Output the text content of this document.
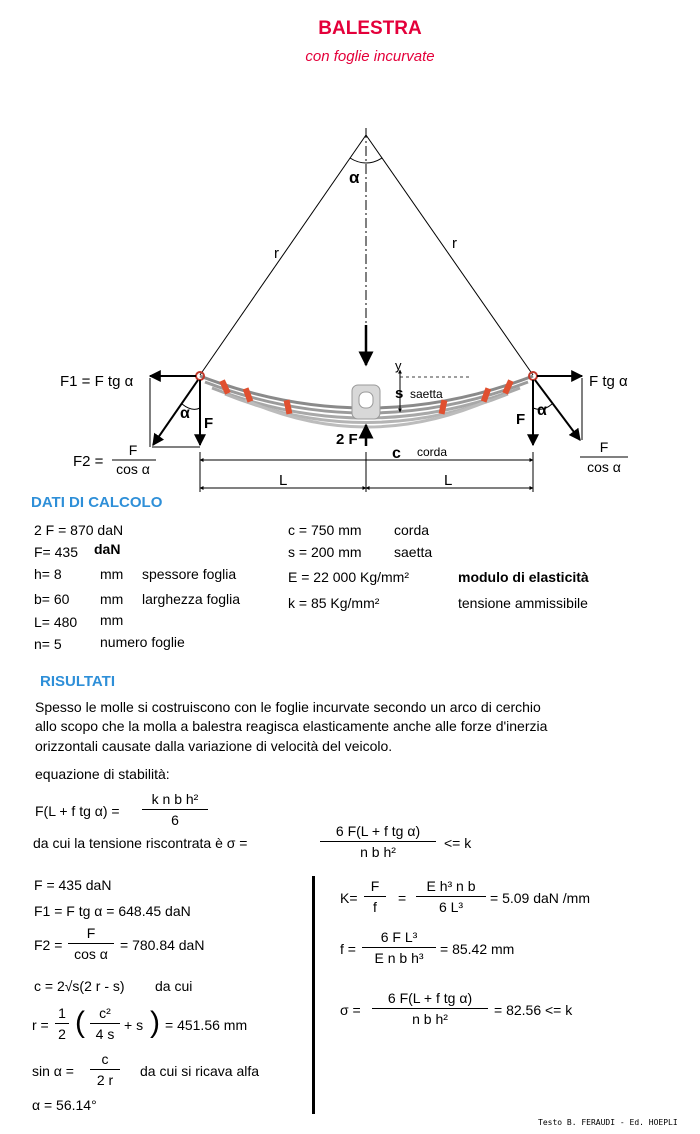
BALESTRA
con foglie incurvate
α
r
r
F1 = F tg α	F tg α
α	α
F	F
F2 =
F
cos α
F
cos α
2 F
y
s saetta
c corda
L	L
DATI DI CALCOLO
2 F = 870 daN
F= 435 daN
h= 8	mm spessore foglia
b= 60 mm larghezza foglia
L= 480 mm
n= 5	numero foglie
c = 750 mm corda
s = 200 mm saetta
E = 22 000 Kg/mm²	modulo di elasticità
k = 85 Kg/mm²	tensione ammissibile
RISULTATI
Spesso le molle si costruiscono con le foglie incurvate secondo un arco di cerchio
allo scopo che la molla a balestra reagisca elasticamente anche alle forze d'inerzia
orizzontali causate dalla variazione di velocità del veicolo.
equazione di stabilità:
F(L + f tg α) =
k n b h²
6
da cui la tensione riscontrata è σ =
6 F(L + f tg α)
n b h²
<= k
F = 435 daN
F1 = F tg α = 648.45 daN
F2 =
F
cos α
= 780.84 daN
c = 2√s(2 r - s) da cui
r =
1
2 (	c²
4 s
+ s ) = 451.56 mm
sin α =
c
2 r
da cui si ricava alfa
α = 56.14°
K=
F
f
=
E h³ n b
6 L³
= 5.09 daN /mm
f =
6 F L³
E n b h³
= 85.42 mm
σ =
6 F(L + f tg α)
n b h²
= 82.56 <= k
Testo B. FERAUDI - Ed. HOEPLI
